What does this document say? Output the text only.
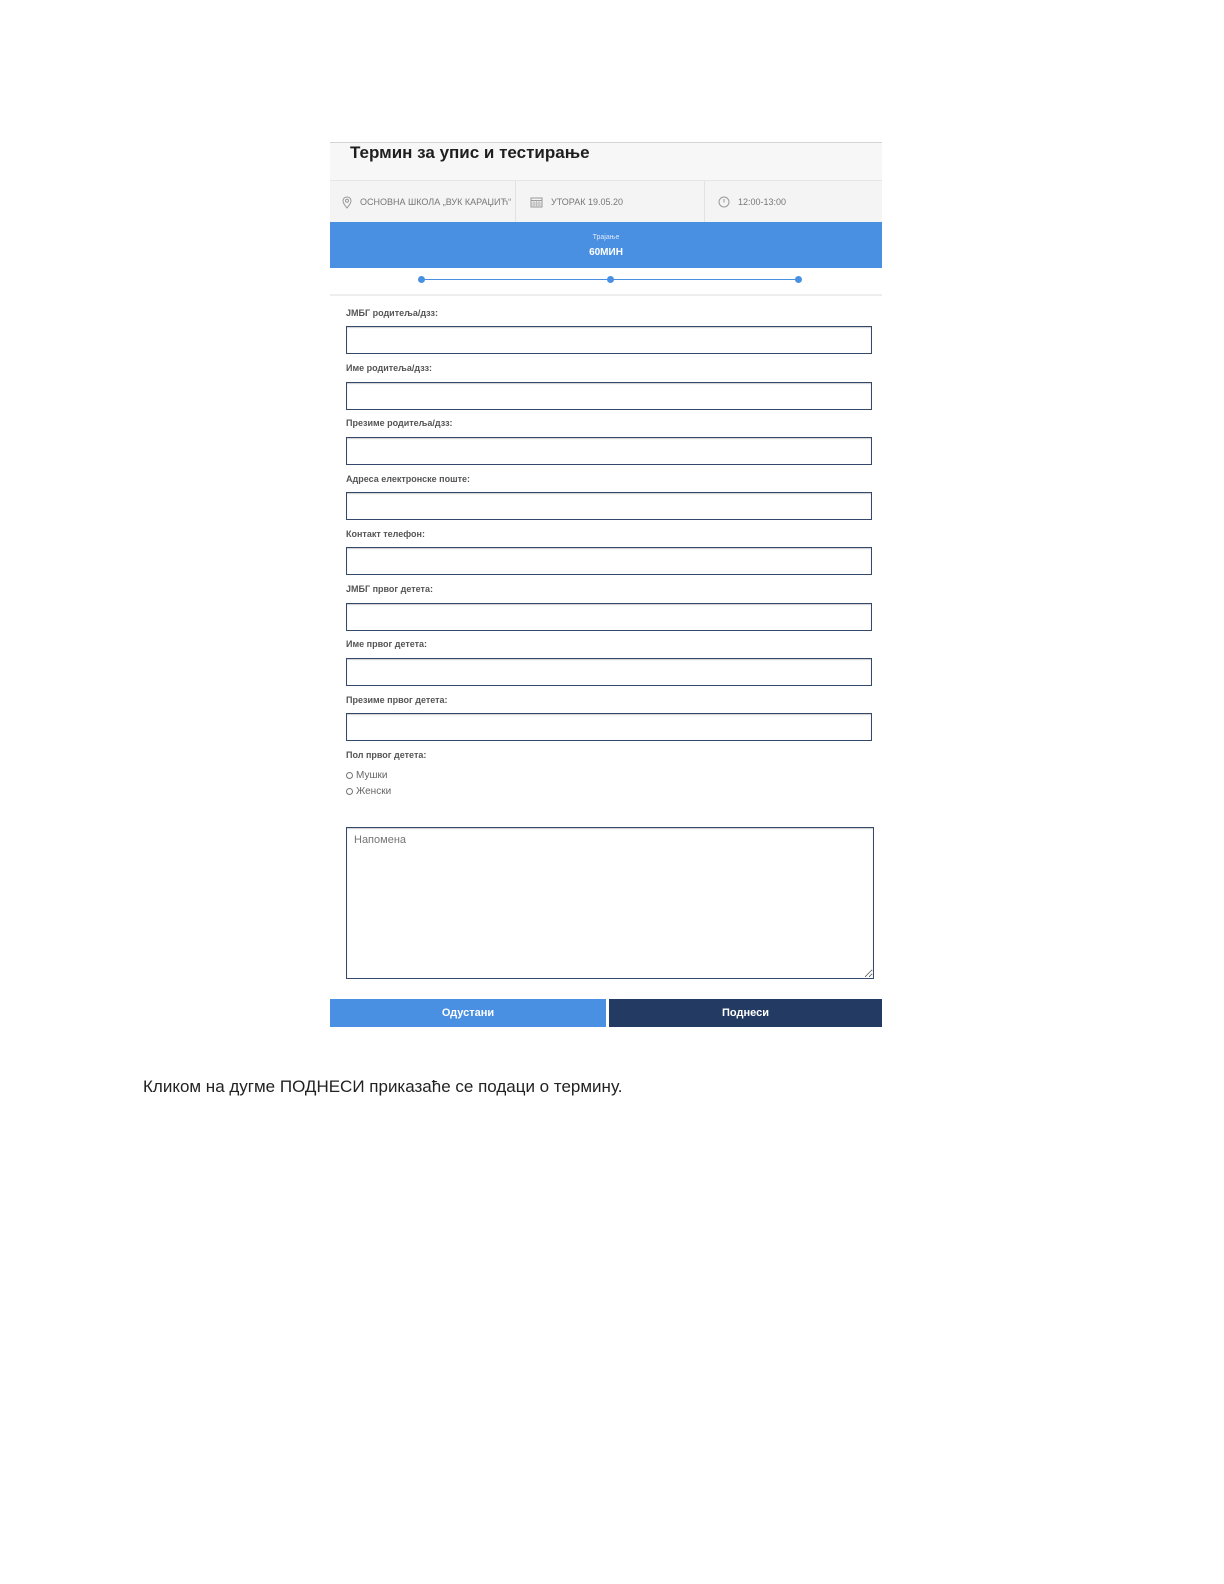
Термин за упис и тестирање
ОСНОВНА ШКОЛА „ВУК КАРАЏИЋ“	УТОРАК 19.05.20	12:00-13:00
Трајање
60МИН
ЈМБГ родитеља/дзз:
Име родитеља/дзз:
Презиме родитеља/дзз:
Адреса електронске поште:
Контакт телефон:
ЈМБГ првог детета:
Име првог детета:
Презиме првог детета:
Пол првог детета:
Мушки
Женски
Напомена
Одустани	Поднеси
Кликом на дугме ПОДНЕСИ приказаће се подаци о термину.
